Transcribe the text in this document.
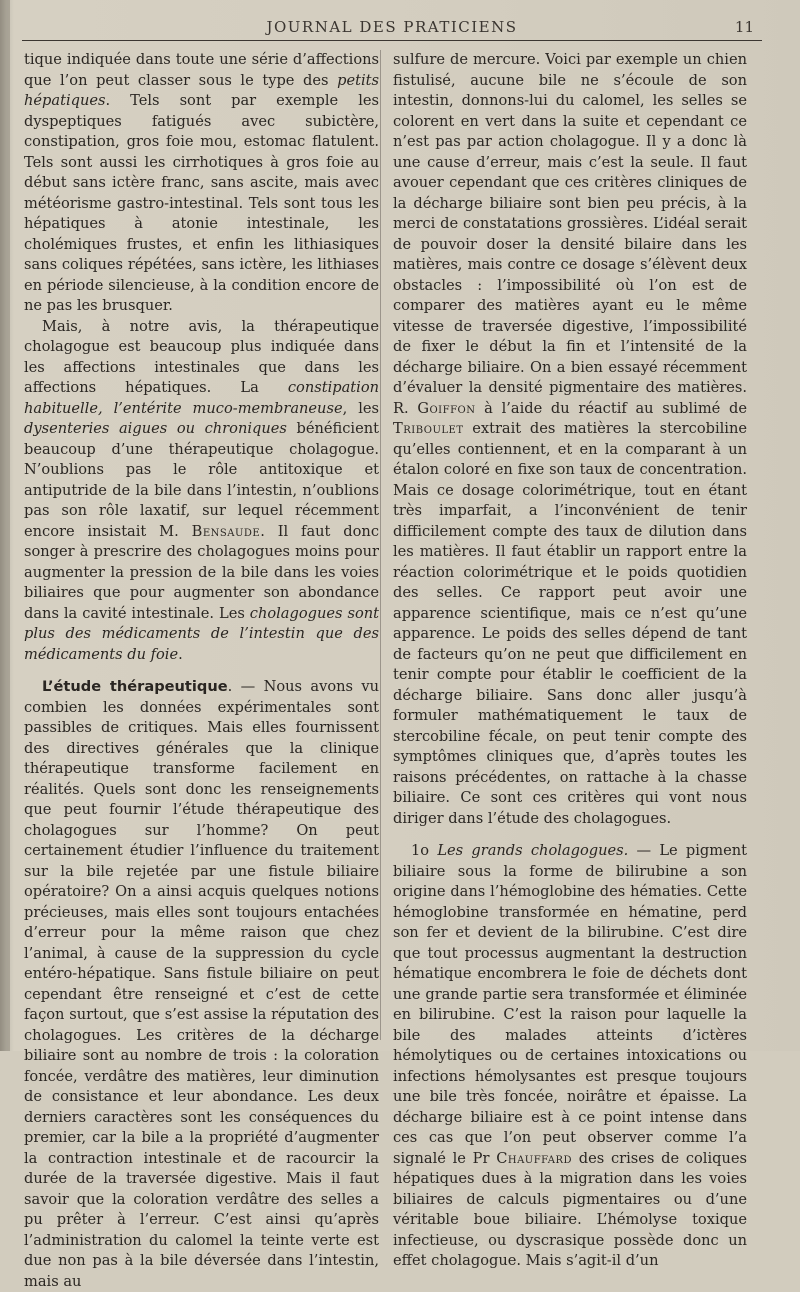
JOURNAL DES PRATICIENS	11

tique indiquée dans toute une série d’affections que l’on peut classer sous le type des petits hépatiques. Tels sont par exemple les dyspeptiques fatigués avec subictère, constipation, gros foie mou, estomac flatulent. Tels sont aussi les cirrhotiques à gros foie au début sans ictère franc, sans ascite, mais avec météorisme gastro-intestinal. Tels sont tous les hépatiques à atonie intestinale, les cholémiques frustes, et enfin les lithiasiques sans coliques répétées, sans ictère, les lithiases en période silencieuse, à la condition encore de ne pas les brusquer.

Mais, à notre avis, la thérapeutique cholagogue est beaucoup plus indiquée dans les affections intestinales que dans les affections hépatiques. La constipation habituelle, l’entérite muco-membraneuse, les dysenteries aigues ou chroniques bénéficient beaucoup d’une thérapeutique cholagogue. N’oublions pas le rôle antitoxique et antiputride de la bile dans l’intestin, n’oublions pas son rôle laxatif, sur lequel récemment encore insistait M. Bensaude. Il faut donc songer à prescrire des cholagogues moins pour augmenter la pression de la bile dans les voies biliaires que pour augmenter son abondance dans la cavité intestinale. Les cholagogues sont plus des médicaments de l’intestin que des médicaments du foie.

L’étude thérapeutique. — Nous avons vu combien les données expérimentales sont passibles de critiques. Mais elles fournissent des directives générales que la clinique thérapeutique transforme facilement en réalités. Quels sont donc les renseignements que peut fournir l’étude thérapeutique des cholagogues sur l’homme? On peut certainement étudier l’influence du traitement sur la bile rejetée par une fistule biliaire opératoire? On a ainsi acquis quelques notions précieuses, mais elles sont toujours entachées d’erreur pour la même raison que chez l’animal, à cause de la suppression du cycle entéro-hépatique. Sans fistule biliaire on peut cependant être renseigné et c’est de cette façon surtout, que s’est assise la réputation des cholagogues. Les critères de la décharge biliaire sont au nombre de trois : la coloration foncée, verdâtre des matières, leur diminution de consistance et leur abondance. Les deux derniers caractères sont les conséquences du premier, car la bile a la propriété d’augmenter la contraction intestinale et de racourcir la durée de la traversée digestive. Mais il faut savoir que la coloration verdâtre des selles a pu prêter à l’erreur. C’est ainsi qu’après l’administration du calomel la teinte verte est due non pas à la bile déversée dans l’intestin, mais au

sulfure de mercure. Voici par exemple un chien fistulisé, aucune bile ne s’écoule de son intestin, donnons-lui du calomel, les selles se colorent en vert dans la suite et cependant ce n’est pas par action cholagogue. Il y a donc là une cause d’erreur, mais c’est la seule. Il faut avouer cependant que ces critères cliniques de la décharge biliaire sont bien peu précis, à la merci de constatations grossières. L’idéal serait de pouvoir doser la densité bilaire dans les matières, mais contre ce dosage s’élèvent deux obstacles : l’impossibilité où l’on est de comparer des matières ayant eu le même vitesse de traversée digestive, l’impossibilité de fixer le début la fin et l’intensité de la décharge biliaire. On a bien essayé récemment d’évaluer la densité pigmentaire des matières. R. Goiffon à l’aide du réactif au sublimé de Triboulet extrait des matières la stercobiline qu’elles contiennent, et en la comparant à un étalon coloré en fixe son taux de concentration. Mais ce dosage colorimétrique, tout en étant très imparfait, a l’inconvénient de tenir difficilement compte des taux de dilution dans les matières. Il faut établir un rapport entre la réaction colorimétrique et le poids quotidien des selles. Ce rapport peut avoir une apparence scientifique, mais ce n’est qu’une apparence. Le poids des selles dépend de tant de facteurs qu’on ne peut que difficilement en tenir compte pour établir le coefficient de la décharge biliaire. Sans donc aller jusqu’à formuler mathématiquement le taux de stercobiline fécale, on peut tenir compte des symptômes cliniques que, d’après toutes les raisons précédentes, on rattache à la chasse biliaire. Ce sont ces critères qui vont nous diriger dans l’étude des cholagogues.

1o Les grands cholagogues. — Le pigment biliaire sous la forme de bilirubine a son origine dans l’hémoglobine des hématies. Cette hémoglobine transformée en hématine, perd son fer et devient de la bilirubine. C’est dire que tout processus augmentant la destruction hématique encombrera le foie de déchets dont une grande partie sera transformée et éliminée en bilirubine. C’est la raison pour laquelle la bile des malades atteints d’ictères hémolytiques ou de certaines intoxications ou infections hémolysantes est presque toujours une bile très foncée, noirâtre et épaisse. La décharge biliaire est à ce point intense dans ces cas que l’on peut observer comme l’a signalé le Pr Chauffard des crises de coliques hépatiques dues à la migration dans les voies biliaires de calculs pigmentaires ou d’une véritable boue biliaire. L’hémolyse toxique infectieuse, ou dyscrasique possède donc un effet cholagogue. Mais s’agit-il d’un
